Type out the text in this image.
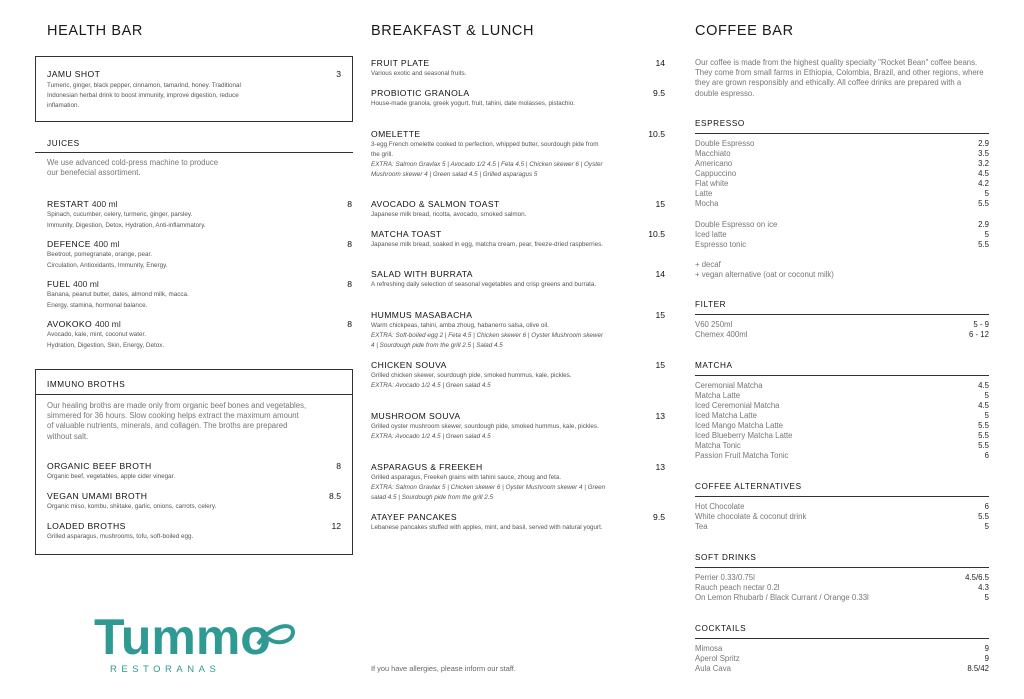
HEALTH BAR
JAMU SHOT	3
Tumeric, ginger, black pepper, cinnamon, tamarind, honey. Traditional Indonesian herbal drink to boost immunity, improve digestion, reduce inflamation.
JUICES
We use advanced cold-press machine to produce our benefecial assortiment.
RESTART 400 ml	8
Spinach, cucumber, celery, turmeric, ginger, parsley.
Immunity, Digestion, Detox, Hydration, Anti-inflammatory.
DEFENCE 400 ml	8
Beetroot, pomegranate, orange, pear.
Circulation, Antioxidants, Immunity, Energy.
FUEL 400 ml	8
Banana, peanut butter, dates, almond milk, macca.
Energy, stamina, hormonal balance.
AVOKOKO 400 ml	8
Avocado, kale, mint, coconut water.
Hydration, Digestion, Skin, Energy, Detox.
IMMUNO BROTHS
Our healing broths are made only from organic beef bones and vegetables, simmered for 36 hours. Slow cooking helps extract the maximum amount of valuable nutrients, minerals, and collagen. The broths are prepared without salt.
ORGANIC BEEF BROTH	8
Organic beef, vegetables, apple cider vinegar.
VEGAN UMAMI BROTH	8.5
Organic miso, kombu, shiitake, garlic, onions, carrots, celery.
LOADED BROTHS	12
Grilled asparagus, mushrooms, tofu, soft-boiled egg.
Tummo
RESTORANAS
BREAKFAST & LUNCH
FRUIT PLATE	14
Various exotic and seasonal fruits.
PROBIOTIC GRANOLA	9.5
House-made granola, greek yogurt, fruit, tahini, date molasses, pistachio.
OMELETTE	10.5
3-egg French omelette cooked to perfection, whipped butter, sourdough pide from the grill.
EXTRA: Salmon Gravlax 5 | Avocado 1/2 4.5 | Feta 4.5 | Chicken skewer 6 | Oyster Mushroom skewer 4 | Green salad 4.5 | Grilled asparagus 5
AVOCADO & SALMON TOAST	15
Japanese milk bread, ricotta, avocado, smoked salmon.
MATCHA TOAST	10.5
Japanese milk bread, soaked in egg, matcha cream, pear, freeze-dried raspberries.
SALAD WITH BURRATA	14
A refreshing daily selection of seasonal vegetables and crisp greens and burrata.
HUMMUS MASABACHA	15
Warm chickpeas, tahini, amba zhoug, habanerro salsa, olive oil.
EXTRA: Soft-boiled egg 2 | Feta 4.5 | Chicken skewer 6 | Oyster Mushroom skewer 4 | Sourdough pide from the grill 2.5 | Salad 4.5
CHICKEN SOUVA	15
Grilled chicken skewer, sourdough pide, smoked hummus, kale, pickles.
EXTRA: Avocado 1/2 4.5 | Green salad 4.5
MUSHROOM SOUVA	13
Grilled oyster mushroom skewer, sourdough pide, smoked hummus, kale, pickles.
EXTRA: Avocado 1/2 4.5 | Green salad 4.5
ASPARAGUS & FREEKEH	13
Grilled asparagus, Freekeh grains with tahini sauce, zhoug and feta.
EXTRA: Salmon Gravlax 5 | Chicken skewer 6 | Oyster Mushroom skewer 4 | Green salad 4.5 | Sourdough pide from the grill 2.5
ATAYEF PANCAKES	9.5
Lebanese pancakes stuffed with apples, mint, and basil, served with natural yogurt.
If you have allergies, please inform our staff.
COFFEE BAR
Our coffee is made from the highest quality specialty "Rocket Bean" coffee beans. They come from small farms in Ethiopia, Colombia, Brazil, and other regions, where they are grown responsibly and ethically. All coffee drinks are prepared with a double espresso.
ESPRESSO
Double Espresso	2.9
Macchiato	3.5
Americano	3.2
Cappuccino	4.5
Flat white	4.2
Latte	5
Mocha	5.5
Double Espresso on ice	2.9
Iced latte	5
Espresso tonic	5.5
+ decaf
+ vegan alternative (oat or coconut milk)
FILTER
V60 250ml	5 - 9
Chemex 400ml	6 - 12
MATCHA
Ceremonial Matcha	4.5
Matcha Latte	5
Iced Ceremonial Matcha	4.5
Iced Matcha Latte	5
Iced Mango Matcha Latte	5.5
Iced Blueberry Matcha Latte	5.5
Matcha Tonic	5.5
Passion Fruit Matcha Tonic	6
COFFEE ALTERNATIVES
Hot Chocolate	6
White chocolate & coconut drink	5.5
Tea	5
SOFT DRINKS
Perrier 0.33/0.75l	4.5/6.5
Rauch peach nectar 0.2l	4.3
On Lemon Rhubarb / Black Currant / Orange 0.33l	5
COCKTAILS
Mimosa	9
Aperol Spritz	9
Aula Cava	8.5/42
